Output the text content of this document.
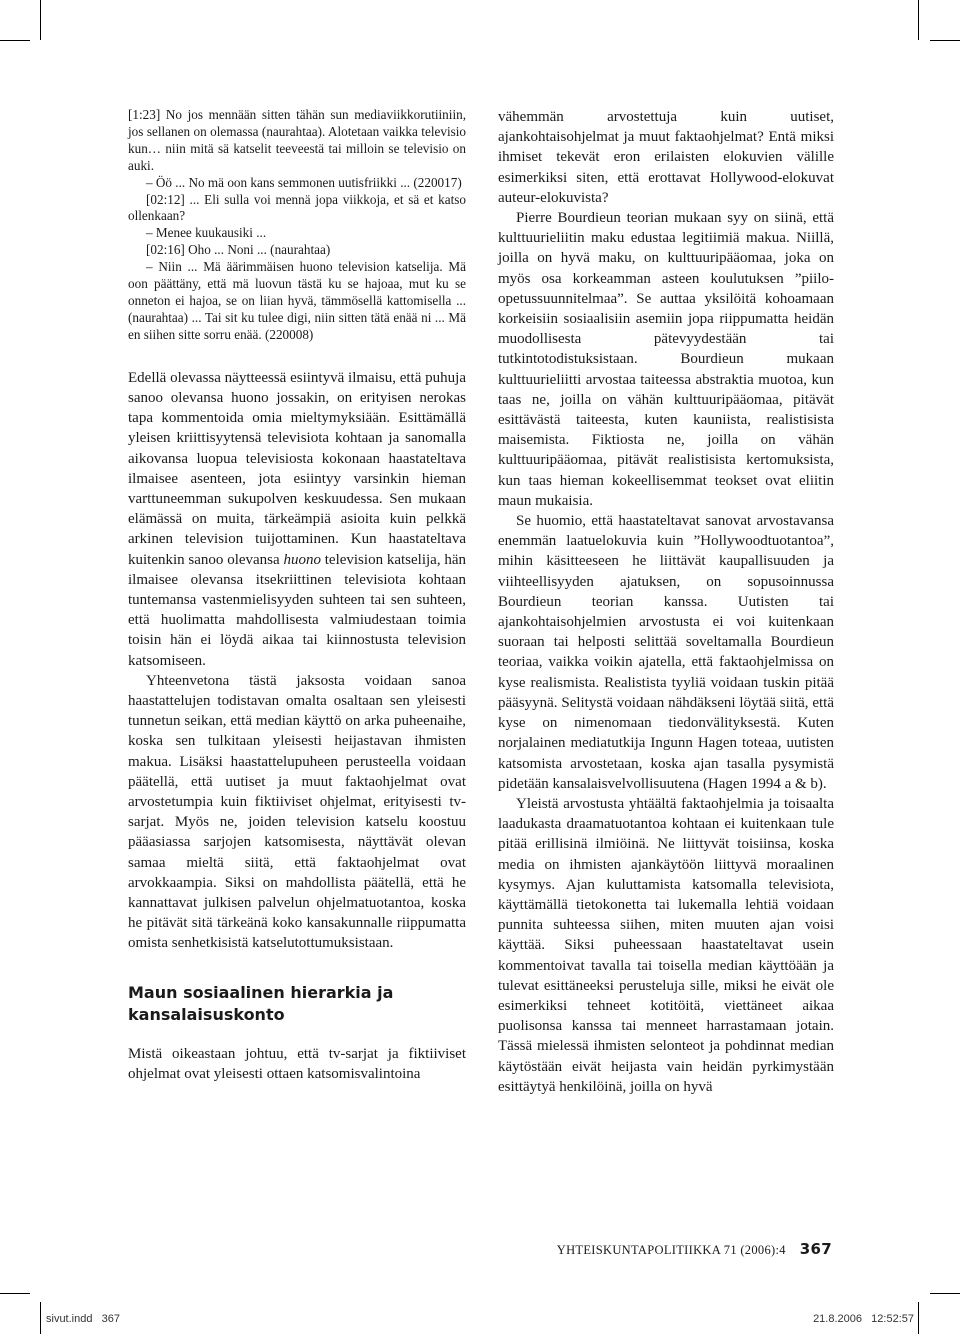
[1:23] No jos mennään sitten tähän sun mediaviikkorutiiniin, jos sellanen on olemassa (naurahtaa). Alotetaan vaikka televisio kun… niin mitä sä katselit teeveestä tai milloin se televisio on auki.

– Öö ... No mä oon kans semmonen uutisfriikki ... (220017)

[02:12] ... Eli sulla voi mennä jopa viikkoja, et sä et katso ollenkaan?

– Menee kuukausiki ...

[02:16] Oho ... Noni ... (naurahtaa)

– Niin ... Mä äärimmäisen huono television katselija. Mä oon päättäny, että mä luovun tästä ku se hajoaa, mut ku se onneton ei hajoa, se on liian hyvä, tämmösellä kattomisella ... (naurahtaa) ... Tai sit ku tulee digi, niin sitten tätä enää ni ... Mä en siihen sitte sorru enää. (220008)

Edellä olevassa näytteessä esiintyvä ilmaisu, että puhuja sanoo olevansa huono jossakin, on erityisen nerokas tapa kommentoida omia mieltymyksiään. Esittämällä yleisen kriittisyytensä televisiota kohtaan ja sanomalla aikovansa luopua televisiosta kokonaan haastateltava ilmaisee asenteen, jota esiintyy varsinkin hieman varttuneemman sukupolven keskuudessa. Sen mukaan elämässä on muita, tärkeämpiä asioita kuin pelkkä arkinen television tuijottaminen. Kun haastateltava kuitenkin sanoo olevansa huono television katselija, hän ilmaisee olevansa itsekriittinen televisiota kohtaan tuntemansa vastenmielisyyden suhteen tai sen suhteen, että huolimatta mahdollisesta valmiudestaan toimia toisin hän ei löydä aikaa tai kiinnostusta television katsomiseen.

Yhteenvetona tästä jaksosta voidaan sanoa haastattelujen todistavan omalta osaltaan sen yleisesti tunnetun seikan, että median käyttö on arka puheenaihe, koska sen tulkitaan yleisesti heijastavan ihmisten makua. Lisäksi haastattelupuheen perusteella voidaan päätellä, että uutiset ja muut faktaohjelmat ovat arvostetumpia kuin fiktiiviset ohjelmat, erityisesti tv-sarjat. Myös ne, joiden television katselu koostuu pääasiassa sarjojen katsomisesta, näyttävät olevan samaa mieltä siitä, että faktaohjelmat ovat arvokkaampia. Siksi on mahdollista päätellä, että he kannattavat julkisen palvelun ohjelmatuotantoa, koska he pitävät sitä tärkeänä koko kansakunnalle riippumatta omista senhetkisistä katselutottumuksistaan.

Maun sosiaalinen hierarkia ja kansalaisuskonto

Mistä oikeastaan johtuu, että tv-sarjat ja fiktiiviset ohjelmat ovat yleisesti ottaen katsomisvalintoina

vähemmän arvostettuja kuin uutiset, ajankohtaisohjelmat ja muut faktaohjelmat? Entä miksi ihmiset tekevät eron erilaisten elokuvien välille esimerkiksi siten, että erottavat Hollywood-elokuvat auteur-elokuvista?

Pierre Bourdieun teorian mukaan syy on siinä, että kulttuurieliitin maku edustaa legitiimiä makua. Niillä, joilla on hyvä maku, on kulttuuripääomaa, joka on myös osa korkeamman asteen koulutuksen ”piilo-opetussuunnitelmaa”. Se auttaa yksilöitä kohoamaan korkeisiin sosiaalisiin asemiin jopa riippumatta heidän muodollisesta pätevyydestään tai tutkintotodistuksistaan. Bourdieun mukaan kulttuurieliitti arvostaa taiteessa abstraktia muotoa, kun taas ne, joilla on vähän kulttuuripääomaa, pitävät esittävästä taiteesta, kuten kauniista, realistisista maisemista. Fiktiosta ne, joilla on vähän kulttuuripääomaa, pitävät realistisista kertomuksista, kun taas hieman kokeellisemmat teokset ovat eliitin maun mukaisia.

Se huomio, että haastateltavat sanovat arvostavansa enemmän laatuelokuvia kuin ”Hollywoodtuotantoa”, mihin käsitteeseen he liittävät kaupallisuuden ja viihteellisyyden ajatuksen, on sopusoinnussa Bourdieun teorian kanssa. Uutisten tai ajankohtaisohjelmien arvostusta ei voi kuitenkaan suoraan tai helposti selittää soveltamalla Bourdieun teoriaa, vaikka voikin ajatella, että faktaohjelmissa on kyse realismista. Realistista tyyliä voidaan tuskin pitää pääsyynä. Selitystä voidaan nähdäkseni löytää siitä, että kyse on nimenomaan tiedonvälityksestä. Kuten norjalainen mediatutkija Ingunn Hagen toteaa, uutisten katsomista arvostetaan, koska ajan tasalla pysymistä pidetään kansalaisvelvollisuutena (Hagen 1994 a & b).

Yleistä arvostusta yhtäältä faktaohjelmia ja toisaalta laadukasta draamatuotantoa kohtaan ei kuitenkaan tule pitää erillisinä ilmiöinä. Ne liittyvät toisiinsa, koska media on ihmisten ajankäytöön liittyvä moraalinen kysymys. Ajan kuluttamista katsomalla televisiota, käyttämällä tietokonetta tai lukemalla lehtiä voidaan punnita suhteessa siihen, miten muuten ajan voisi käyttää. Siksi puheessaan haastateltavat usein kommentoivat tavalla tai toisella median käyttöään ja tulevat esittäneeksi perusteluja sille, miksi he eivät ole esimerkiksi tehneet kotitöitä, viettäneet aikaa puolisonsa kanssa tai menneet harrastamaan jotain. Tässä mielessä ihmisten selonteot ja pohdinnat median käytöstään eivät heijasta vain heidän pyrkimystään esittäytyä henkilöinä, joilla on hyvä

YHTEISKUNTAPOLITIIKKA 71 (2006):4 367
sivut.indd   367	21.8.2006   12:52:57
